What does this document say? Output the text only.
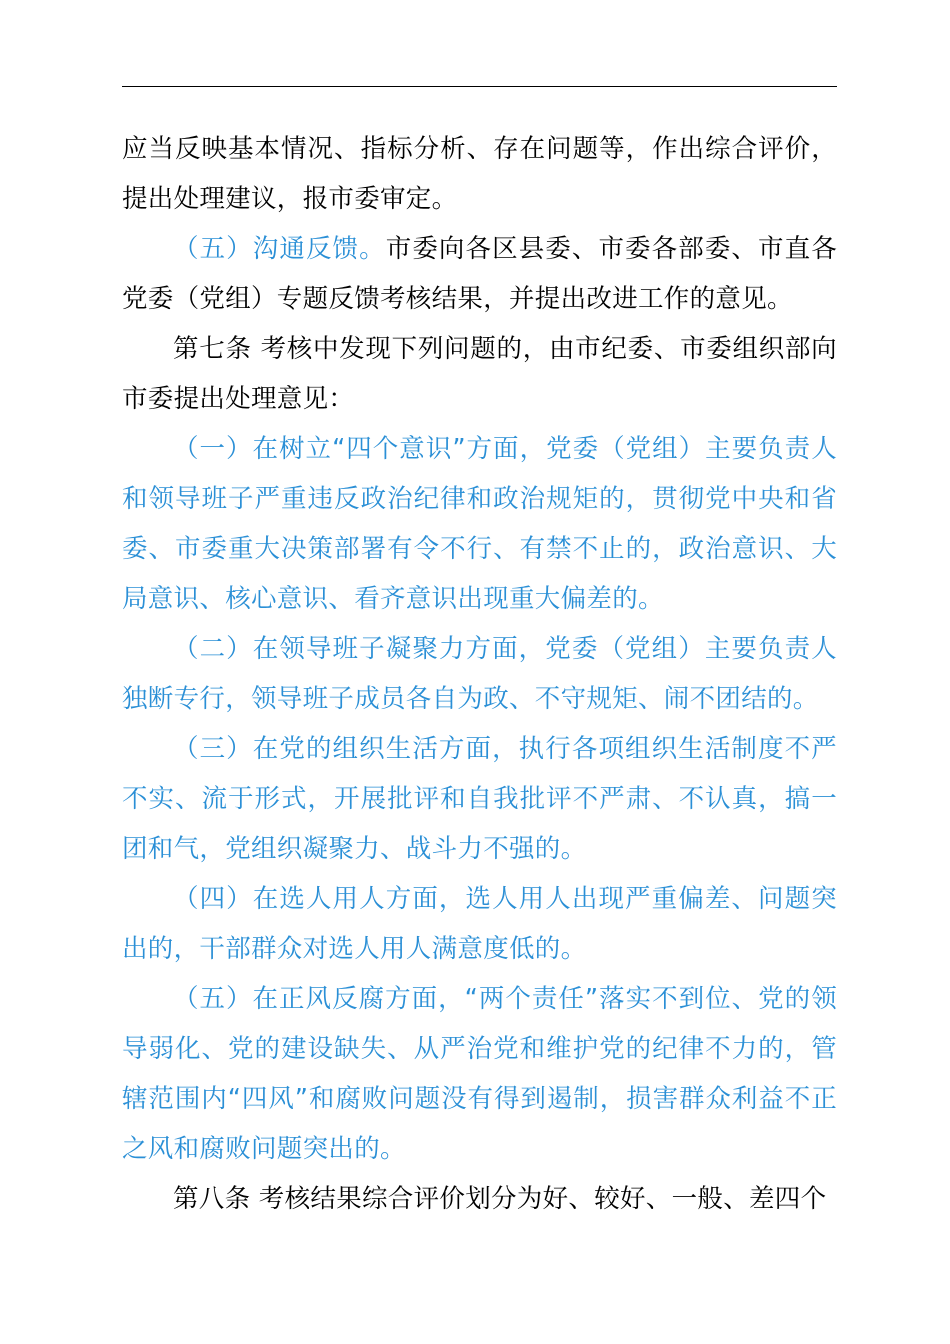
应当反映基本情况、指标分析、存在问题等，作出综合评价，提出处理建议，报市委审定。

（五）沟通反馈。市委向各区县委、市委各部委、市直各党委（党组）专题反馈考核结果，并提出改进工作的意见。

第七条 考核中发现下列问题的，由市纪委、市委组织部向市委提出处理意见：

（一）在树立“四个意识”方面，党委（党组）主要负责人和领导班子严重违反政治纪律和政治规矩的，贯彻党中央和省委、市委重大决策部署有令不行、有禁不止的，政治意识、大局意识、核心意识、看齐意识出现重大偏差的。

（二）在领导班子凝聚力方面，党委（党组）主要负责人独断专行，领导班子成员各自为政、不守规矩、闹不团结的。

（三）在党的组织生活方面，执行各项组织生活制度不严不实、流于形式，开展批评和自我批评不严肃、不认真，搞一团和气，党组织凝聚力、战斗力不强的。

（四）在选人用人方面，选人用人出现严重偏差、问题突出的，干部群众对选人用人满意度低的。

（五）在正风反腐方面，“两个责任”落实不到位、党的领导弱化、党的建设缺失、从严治党和维护党的纪律不力的，管辖范围内“四风”和腐败问题没有得到遏制，损害群众利益不正之风和腐败问题突出的。

第八条 考核结果综合评价划分为好、较好、一般、差四个
